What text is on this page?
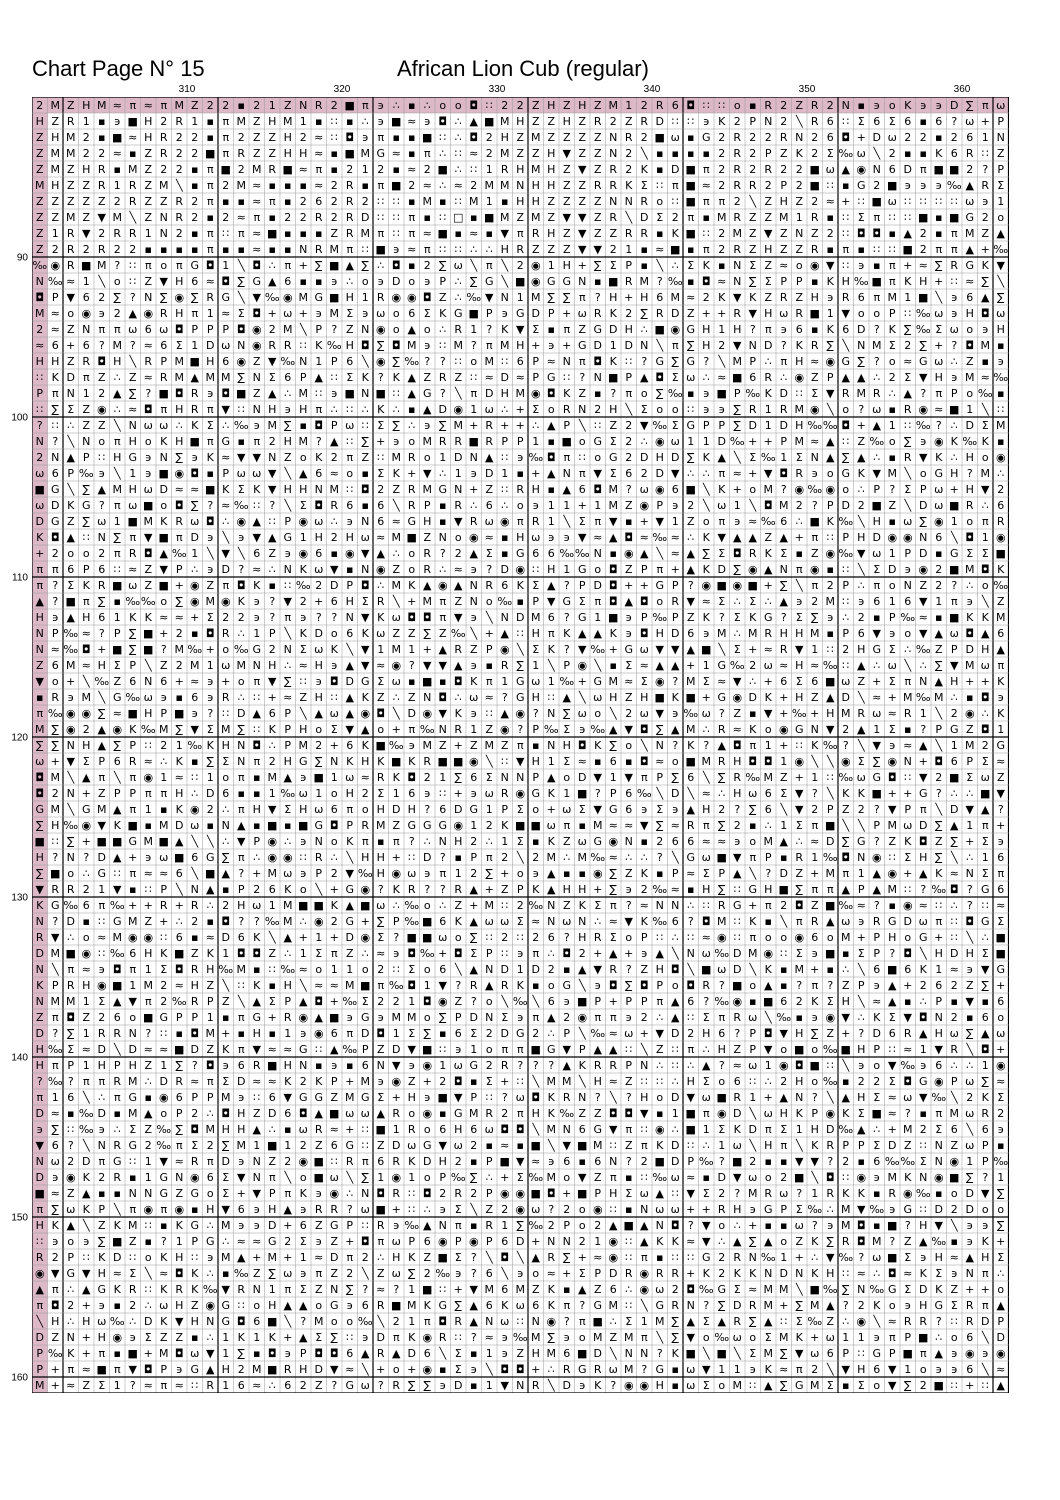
Chart Page N° 15	African Lion Cub (regular)
310	320	330	340	350	360
90
100
110
120
130
140
150
160
2 M Z H M ≈ π ≈ π M Z 2 2 ▪ 2 1 Z N R 2 ■ π ϶ ∴ ▪ ∴ o o ◘ ∷ 2 2 Z H Z H Z M 1 2 R 6 ◘ ∷ ∷ o ▪ R 2 Z R 2 N ▪ ϶ o K ϶ ϶ D ∑ π ω
H Z R 1 ▪ ϶ ■ H 2 R 1 ▪ π M Z H M 1 ▪ ∷ ▪ ∴ ϶ ■ ≈ ϶ ◘ ∴ ▲ ■ M H Z Z H Z R 2 Z R D ∷ ∷ ϶ K 2 P N 2 ╲ R 6 ∷ Σ 6 Σ 6 ▪ 6 ? ω + P
Z H M 2 ▪ ■ ≈ H R 2 2 ▪ π 2 Z Z H 2 ≈ ∷ ◘ ϶ π ▪ ▪ ■ ∷ ∴ ◘ 2 H Z M Z Z Z Z N R 2 ■ ω ▪ G 2 R 2 2 R N 2 6 ◘ + D ω 2 2 ▪ 2 6 1 N
Z M M 2 2 ≈ ▪ Z R 2 2 ■ π R Z Z H H ≈ ▪ ■ M G ≈ ▪ π ∴ ∷ ≈ 2 M Z Z H ▼ Z Z N 2 ╲ ▪ ▪ ▪ ▪ 2 R 2 P Z K 2 Σ ‰ ω ╲ 2 ▪ ▪ K 6 R ∷ Z
Z M Z H R ▪ M Z 2 2 ▪ π ■ 2 M R ■ ≈ π ▪ 2 1 2 ▪ ≈ 2 ■ ∴ ∷ 1 R H M H Z ▼ Z R 2 K ▪ D ■ π 2 R 2 R 2 2 ■ ω ▲ ◉ N 6 D π ■ ■ 2 ? P
M H Z Z R 1 R Z M ╲ ▪ π 2 M ≈ ▪ ▪ ▪ ≈ 2 R ▪ π ■ 2 ≈ ∴ ≈ 2 M M N H H Z Z R R K Σ ∷ π ■ ≈ 2 R R 2 P 2 ■ ∷ ▪ G 2 ■ ϶ ϶ ϶ ‰ ▲ R Σ
Z Z Z Z Z 2 R Z Z R 2 π ▪ ▪ ≈ π ▪ 2 6 2 R 2 ∷ ∷ ▪ M ▪ ∷ M 1 ▪ H H Z Z Z Z N N R o ∷ ■ π π 2 ╲ Z H Z 2 ≈ + ∷ ■ ω ∷ ∷ ∷ ∷ ω ϶ 1
Z Z M Z ▼ M ╲ Z N R 2 ▪ 2 ≈ π ▪ 2 2 R 2 R D ∷ ∷ π ▪ ∷ □ ▪ ■ M Z M Z ▼ ▼ Z R ╲ D Σ 2 π ▪ M R Z Z M 1 R ▪ ∷ Σ π ∷ ∷ ■ ▪ ■ G 2 o
Z 1 R ▼ 2 R R 1 N 2 ▪ π ∷ π ≈ ■ ▪ ▪ ▪ Z R M π ∷ π ≈ ■ ▪ ≈ ▪ ▼ π R H Z ▼ Z Z R R ▪ K ■ ∷ 2 M Z ▼ Z N Z 2 ∷ ◘ ◘ ▪ ▲ 2 ▪ π M Z ▲
Z 2 R 2 R 2 2 ▪ ▪ ▪ ▪ π ▪ ▪ ≈ ▪ ▪ N R M π ∷ ■ ϶ ≈ π ∷ ∷ ∴ ∴ H R Z Z Z ▼ ▼ 2 1 ▪ ≈ ■ ▪ π 2 R Z H Z Z R ▪ π ▪ ∷ ∷ ■ 2 π π ▲ + ‰
‰ ◉ R ■ M ? ∷ π o π G ◘ 1 ╲ ◘ ∴ π + ∑ ■ ▲ ∑ ∴ ◘ ▪ 2 ∑ ω ╲ π ╲ 2 ◉ 1 H + ∑ Σ P ▪ ╲ ∴ Σ K ▪ N Σ Z ≈ o ◉ ▼ ∷ ϶ ▪ π + ≈ ∑ R G K ▼
N ‰ ≈ 1 ╲ o ∷ Z ▼ H 6 ≈ ◘ ∑ G ▲ 6 ▪ ▪ ϶ ∴ o ϶ D o ϶ P ∴ ∑ G ╲ ■ ◉ G G N ▪ ■ R M ? ‰ ▪ ◘ ≈ N ∑ Σ P P ▪ K H ‰ ■ π K H + ∷ ≈ ∑ ╲
◘ P ▼ 6 2 ∑ ? N ∑ ◉ ∑ R G ╲ ▼ ‰ ◉ M G ■ H 1 R ◉ ◉ ◘ Z ∴ ‰ ▼ N 1 M ∑ ∑ π ? H + H 6 M ≈ 2 K ▼ K Z R Z H ϶ R 6 π M 1 ■ ╲ ϶ 6 ▲ ∑
M ≈ o ◉ ϶ 2 ▲ ◉ R H π 1 ≈ Σ ◘ + ω + ϶ M Σ ϶ ω o 6 Σ K G ■ P ϶ G D P + ω R K 2 ∑ R D Z + + R ▼ H ω R ■ 1 ▼ o o P ∷ ‰ ω ϶ H ◘ ω
2 ≈ Z N π π ω 6 ω ◘ P P P ◘ ◉ 2 M ╲ P ? Z N ◉ o ▲ o ∴ R 1 ? K ▼ Σ ▪ π Z G D H ∴ ■ ◉ G H 1 H ? π ϶ 6 ▪ K 6 D ? K ∑ ‰ Σ ω o ϶ H
≈ 6 + 6 ? M ? ≈ 6 Σ 1 D ω N ◉ R R ∷ K ‰ H ◘ ∑ ◘ M ϶ ∷ M ? π M H + ϶ + G D 1 D N ╲ π ∑ H 2 ▼ N D ? K R ∑ ╲ N M Σ 2 ∑ + ? ◘ M ▪
H H Z R ◘ H ╲ R P M ■ H 6 ◉ Z ▼ ‰ N 1 P 6 ╲ ◉ ∑ ‰ ? ? ∷ o M ∷ 6 P ≈ N π ◘ K ∷ ? G ∑ G ? ╲ M P ∴ π H ≈ ◉ G ∑ ? o ≈ G ω ∴ Z ▪ ϶
∷ K D π Z ∴ Z ≈ R M ▲ M M ∑ N Σ 6 P ▲ ∷ Σ K ? K ▲ Z R Z ∷ ≈ D ≈ P G ∷ ? N ■ P ▲ ◘ Σ ω ∴ ≈ ■ 6 R ∴ ◉ Z P ▲ ▲ ∴ 2 Σ ▼ H ϶ M ≈ ‰
P π N 1 2 ▲ ∑ ? ■ ◘ R ϶ ◘ ■ Z ▲ ∴ M ∷ ϶ ■ N ■ ∷ ▲ G ? ╲ π D H M ◉ ◘ K Z ▪ ? π o ∑ ‰ ▪ ϶ ■ P ‰ K D ∷ Σ ▼ R M R ∴ ▲ ? π P o ‰ ▪
∷ ∑ Σ Z ◉ ∴ ≈ ◘ π H R π ▼ ∷ N H ϶ H π ∴ ∷ ∴ K ∴ ▪ ▲ D ◉ 1 ω ∴ + Σ o R N 2 H ╲ Σ o o ∷ ϶ ϶ ∑ R 1 R M ◉ ╲ o ? ω ▪ R ◉ ≈ ■ 1 ╲ ∷
? ∷ ∴ Z Z ╲ N ω ω ∴ K Σ ∴ ‰ ϶ M ∑ ▪ ◘ P ω ∷ Σ ∑ ∴ ϶ ∑ M + R + + ∴ ▲ P ╲ ∷ Z 2 ▼ ‰ Σ G P P ∑ D 1 D H ‰ ‰ ◘ + ▲ 1 ∷ ‰ ? ∴ D Σ M
N ? ╲ N o π H o K H ■ π G ▪ π 2 H M ? ▲ ∷ ∑ + ϶ o M R R ■ R P P 1 ▪ ■ o G Σ 2 ∴ ◉ ω 1 1 D ‰ + + P M ≈ ▲ ∷ Z ‰ o ∑ ϶ ◉ K ‰ K ▪
2 N ▲ P ∷ H G ϶ N ∑ ϶ K ≈ ▼ ▼ N Z o K 2 π Z ∷ M R o 1 D N ▲ ∷ ϶ ‰ ◘ π ∷ o G 2 D H D ∑ K ▲ ╲ Σ ‰ 1 Σ N ▲ ∑ ▲ ∴ ▪ R ▼ K ∴ H o ◉
ω 6 P ‰ ϶ ╲ 1 ϶ ■ ◉ ◘ ▪ P ω ω ▼ ╲ ▲ 6 ≈ o ▪ Σ K + ▼ ∴ 1 ϶ D 1 ▪ + ▲ N π ▼ Σ 6 2 D ▼ ∴ ∴ π ≈ + ▼ ◘ R ϶ o G K ▼ M ╲ o G H ? M ∴
■ G ╲ ∑ ▲ M H ω D ≈ ≈ ■ K Σ K ▼ H H N M ∷ ◘ 2 Z R M G N + Z ∷ R H ▪ ▲ 6 ◘ M ? ω ◉ 6 ■ ╲ K + o M ? ◉ ‰ ◉ o ∴ P ? Σ P ω + H ▼ 2
ω D K G ? π ω ■ o ◘ ∑ ? ≈ ‰ ∷ ? ╲ Σ ◘ R 6 ▪ 6 ╲ R P ▪ R ∴ 6 ∴ o ϶ 1 1 + 1 M Z ◉ P ϶ 2 ╲ ω 1 ╲ ◘ M 2 ? P D 2 ■ Z ╲ D ω ■ R ∴ 6
D G Z ∑ ω 1 ■ M K R ω ◘ ∴ ◉ ▲ ∷ P ◉ ω ∴ ϶ N 6 ≈ G H ▪ ▼ R ω ◉ π R 1 ╲ Σ π ▼ ▪ + ▼ 1 Z o π ϶ ≈ ‰ 6 ∴ ■ K ‰ ╲ H ▪ ω ∑ ◉ 1 o π R
K ◘ ▲ ∷ N ∑ π ▼ ■ π D ϶ ╲ ϶ ▼ ▲ G 1 H 2 H ω ≈ M ■ Z N o ◉ ≈ ▪ H ω ϶ ϶ ▼ ≈ ▲ ◘ ≈ ‰ ≈ ∴ K ▼ ▲ ▲ Z ▲ + π ∷ P H D ◉ ◉ N 6 ╲ ◘ 1 ◉
+ 2 o o 2 π R ◘ ▲ ‰ 1 ╲ ▼ ╲ 6 Z ϶ ◉ 6 ▪ ◉ ▼ ▲ ∴ o R ? 2 ▲ Σ ▪ G 6 6 ‰ ‰ N ▪ ◉ ▲ ╲ ≈ ▲ ∑ Σ ◘ R K Σ ▪ Z ◉ ‰ ▼ ω 1 P D ▪ G Σ Σ ■
π π 6 P 6 ∷ ≈ Z ▼ P ∴ ϶ D ? ≈ ∴ N K ω ▼ ▪ N ◉ Z o R ∴ ≈ ϶ ? D ◉ ∷ H 1 G o ◘ Z P π + ▲ K D ∑ ◉ ▲ N π ◉ ▪ ∷ ╲ Σ D ϶ ◉ 2 ■ M ◘ K
π ? Σ K R ■ ω Z ■ + ◉ Z π ◘ K ▪ ∷ ‰ 2 D P ◘ ∴ M K ▲ ◉ ▲ N R 6 K Σ ▲ ? P D ◘ + + G P ? ◉ ■ ◉ ■ + ∑ ╲ π 2 P ∴ π o N Z 2 ? ∴ o ‰
▲ ? ■ π ∑ ▪ ‰ ‰ o ∑ ◉ M ◉ K ϶ ? ▼ 2 + 6 H Σ R ╲ + M π Z N o ‰ ▪ P ▼ G Σ π ◘ ▲ ◘ o R ▼ ≈ Σ ∴ Σ ∴ ▲ ϶ 2 M ∷ ϶ 6 1 6 ▼ 1 π ϶ ╲ Z
H ϶ ▲ H 6 1 K K ≈ ≈ + Σ 2 2 ϶ ? π ϶ ? ? N ▼ K ω ◘ ◘ π ▼ ϶ ╲ N D M 6 ? G 1 ■ ϶ P ‰ P Z K ? Σ K G ? Σ ∑ ϶ ∴ 2 ▪ P ‰ ≈ ▪ ■ K K M
N P ‰ ≈ ? P ∑ ■ + 2 ▪ ◘ R ∴ 1 P ╲ K D o 6 K ω Z Z ∑ Z ‰ ╲ + ▲ ∷ H π K ▲ ▲ K ϶ ◘ H D 6 ϶ M ∴ M R H H M ▪ P 6 ▼ ϶ o ▼ ▲ ω ◘ ▲ 6
N ≈ ‰ ◘ + ■ ∑ ■ ? M ‰ + o ‰ G 2 N Σ ω K ╲ ▼ 1 M 1 + ▲ R Z P ◉ ╲ Σ K ? ▼ ‰ + G ω ▼ ▼ ▲ ■ ╲ Σ + ≈ R ▼ 1 ∷ 2 H G Σ ∴ ‰ Z P D H ▲
Z 6 M ≈ H Σ P ╲ Z 2 M 1 ω M N H ∴ ≈ H ϶ ▲ ▼ ≈ ◉ ? ▼ ▼ ▲ ϶ ▪ R ∑ 1 ╲ P ◉ ╲ ▪ Σ ≈ ▲ ▲ + 1 G ‰ 2 ω ≈ H ≈ ‰ ∷ ▲ ∴ ω ╲ ∴ ∑ ▼ M ω π
▼ o + ╲ ‰ Z 6 N 6 + ≈ ϶ + o π ▼ ∑ ∷ ϶ ◘ D G Σ ω ▪ ■ ▪ ◘ K π 1 G ω 1 ‰ + G M ≈ Σ ◉ ? M Σ ≈ ▼ ∴ + 6 Σ 6 ■ ω Z + Σ π N ▲ H + + K
▪ R ϶ M ╲ G ‰ ω ϶ ▪ 6 ϶ R ∴ ∷ + ≈ Z H ∷ ▲ K Z ∴ Z N ◘ ∴ ω ≈ ? G H ∷ ▲ ╲ ω H Z H ■ K ■ + G ◉ D K + H Z ▲ D ╲ ≈ + M ‰ M ∴ ▪ ◘ ϶
π ‰ ◉ ◉ ∑ ≈ ■ H P ■ ϶ ? ∷ D ▲ 6 P ╲ ▲ ω ▲ ◉ ◘ ╲ D ◉ ▼ K ϶ ∷ ▲ ◉ ? N ∑ ω o ╲ 2 ω ▼ ϶ ‰ ω ? Z ▪ ▼ + ‰ + H M R ω ≈ R 1 ╲ 2 ◉ ∴ K
M ∑ ◉ 2 ▲ ◉ K ‰ M ∑ ▼ Σ M ∑ ∷ K P H o Σ ▼ ▲ o + π ‰ N R 1 Z ◉ ? P ‰ Σ ϶ ‰ ▲ ▼ ◘ ∑ ▲ M ∴ R ≈ K o ◉ G N ▼ 2 ▲ 1 Σ ▪ ? P G Z ◘ 1
∑ ∑ N H ▲ ∑ P ∷ 2 1 ‰ K H N ◘ ∴ P M 2 + 6 K ■ ‰ ϶ M Z + Z M Z π ▪ N H ◘ K ∑ o ╲ N ? K ? ▲ ◘ π 1 + ∷ K ‰ ? ╲ ▼ ϶ ≈ ▲ ╲ 1 M 2 G
ω + ▼ Σ P 6 R ≈ ∴ K ▪ ∑ Σ N π 2 H G ∑ N K H K ■ K R ■ ■ ◉ ╲ ∷ ▼ H 1 Σ ≈ ▪ 6 ▪ ◘ ≈ o ■ M R H ◘ ◘ 1 ◉ ╲ ╲ ◉ Σ ∑ ◉ N + ◘ 6 P Σ ≈
◘ M ╲ ▲ π ╲ π ◉ 1 ≈ ∷ 1 o π ▪ M ▲ ϶ ■ 1 ω ≈ R K ◘ 2 1 ∑ 6 Σ N N P ▲ o D ▼ 1 ▼ π P ∑ 6 ╲ ∑ R ‰ M Z + 1 ∷ ‰ ω G ◘ ∷ ▼ 2 ■ Σ ω Z
◘ 2 N + Z P P π π H ∴ D 6 ▪ ▪ 1 ‰ ω 1 o H 2 Σ 1 6 ϶ ∷ + ϶ ω R ◉ G K 1 ■ ? P 6 ‰ ╲ D ╲ ≈ ∴ H ω 6 Σ ▼ ? ╲ K K ■ + + G ? ∴ ∴ ■ ▼
G M ╲ G M ▲ π 1 ▪ K ◉ 2 ∴ π H ▼ Σ H ω 6 π o H D H ? 6 D G 1 P Σ o + ω Σ ▼ G 6 ϶ Σ ϶ ▲ H 2 ? ∑ 6 ╲ ▼ 2 P Z 2 ? ▼ P π ╲ D ▼ ▲ ?
∑ H ‰ ◉ ▼ K ■ ▪ M D ω ▪ N ▲ ▪ ■ ▪ ■ G ◘ P R M Z G G G ◉ 1 2 K ■ ■ ω π ▪ M ≈ ≈ ▼ ∑ ≈ R π ∑ 2 ▪ ∴ 1 Σ π ■ ╲ ╲ P M ω D ∑ ▲ 1 π +
■ ∷ ∑ + ■ ■ G M ■ ▲ ╲ ╲ ∴ ▼ P ◉ ∴ ϶ N o K π ▪ π ? ∴ N H 2 ∴ 1 Σ ▪ K Z ω G ◉ N ▪ 2 6 6 ≈ ≈ ϶ o M ▲ ∴ ≈ D ∑ G ? Z K ◘ Z ∑ + Σ ϶
H ? N ? D ▲ + ϶ ω ■ 6 G ∑ π ∴ ◉ ◉ ∷ R ∴ ╲ H H + ∷ D ? ▪ P π 2 ╲ 2 M ∴ M ‰ ≈ ∴ ∴ ? ╲ G ω ■ ▼ π P ▪ R 1 ‰ ◘ N ◉ ∷ Σ H ∑ ╲ ∴ 1 6
∑ ■ o ∴ G ∷ π ≈ ≈ 6 ╲ ■ ▲ ? + M ω ϶ P 2 ▼ ‰ H ◉ ω ϶ π 1 2 ∑ + o ϶ ▲ ▪ ▪ ◉ ∑ Z K ▪ P ≈ Σ P ▲ ╲ ? D Z + M π 1 ▲ ◉ + ▲ K ≈ N Σ π
▼ R R 2 1 ▼ ▪ ∷ P ╲ N ▲ ▪ P 2 6 K o ╲ + G ◉ ? K R ? ? R ▲ + Z P K ▲ H H + ∑ ϶ 2 ‰ ≈ ▪ H ∑ ∷ G H ■ ∑ π π ▲ P ▲ M ∷ ? ‰ ◘ ? G 6
K G ‰ 6 π ‰ + + R + R ∴ 2 H ω 1 M ■ ■ K ▲ ■ ω ∴ ‰ o ∴ Z + M ∷ 2 ‰ N Z K Σ π ? ≈ N N ∴ ∷ R G + π 2 ◘ Z ■ ‰ ≈ ? ▪ ◉ ≈ ∷ ∴ ? ∷ ≈
N ? D ▪ ∷ G M Z + ∴ 2 ▪ ◘ ? ? ‰ M ∴ ◉ 2 G + ∑ P ‰ ■ 6 K ▲ ω ω Σ ≈ N ω N ∴ ≈ ▼ K ‰ 6 ? ◘ M ∷ K ▪ ╲ π R ▲ ω ϶ R G D ω π ∷ ◘ G Σ
R ▼ ∴ o ≈ M ◉ ◉ ∷ 6 ▪ ≈ D 6 K ╲ ▲ + 1 + D ◉ Σ ? ■ ■ ω o ∑ ∷ 2 ∷ 2 6 ? H R Σ o P ∷ ∴ ∷ ≈ ◉ ∷ π o o ◉ 6 o M + P H o G + ∷ ╲ ∴ ■
D M ■ ◉ ∷ ‰ 6 H K ■ Z K 1 ◘ ◘ Z ∴ 1 Σ π Z ∴ ≈ ϶ ◘ ‰ + ◘ Σ P ∷ ϶ π ∴ ◘ 2 + ▲ + ϶ ▲ ╲ N ω ‰ D M ◉ ∷ Σ ϶ ■ ▪ Σ P ? ◘ ╲ H D H Σ ■
N ╲ π ≈ ϶ ◘ π 1 Σ ◘ R H ‰ M ▪ ∷ ‰ ≈ o 1 1 o 2 ∷ Σ o 6 ╲ ▲ N D 1 D 2 ▪ ▲ ▼ R ? Z H ◘ ╲ ■ ω D ╲ K ▪ M + ▪ ∴ ╲ 6 ■ 6 K 1 ≈ ϶ ▼ G
K P R H ◉ ■ 1 M 2 ≈ H Z ╲ ∷ K ▪ H ╲ ≈ ≈ M ■ π ‰ ◘ 1 ▼ ? R ▲ R K ▪ o G ╲ ϶ ◘ ∑ ◘ P o ◘ R ? ■ o ▲ ▪ ? π ? Z P ϶ ▲ + 2 6 2 Z ∑ +
N M M 1 Σ ▲ ▼ π 2 ‰ R P Z ╲ ▲ Σ P ▲ ◘ + ‰ Σ 2 2 1 ◘ ◉ Z ? o ╲ ‰ ╲ 6 ϶ ■ P + P P π ▲ 6 ? ‰ ◉ ▪ ■ 6 2 K Σ H ╲ ≈ ▲ ▪ ∴ P ▪ ▼ ▪ 6
Z π ◘ Z 2 6 o ■ G P P 1 ▪ π G + R ◉ ▲ ■ ϶ G ϶ M M o ∑ P D N Σ ϶ π ▲ 2 ◉ π π ϶ 2 ∴ ▲ ∷ Σ π R ω ╲ ‰ ▪ ϶ ◉ ▼ ∴ K Σ ▼ ◘ N 2 ▪ 6 o
D ? ∑ 1 R R N ? ∷ ▪ ◘ M + ▪ H ▪ 1 ϶ ◉ 6 π D ◘ 1 Σ ∑ ▪ 6 Σ 2 D G 2 ∴ P ╲ ‰ ≈ ω + ▼ D 2 H 6 ? P ◘ ▼ H ∑ Z + ? D 6 R ▲ H ω ∑ ▲ ω
H ‰ Σ ≈ D ╲ D ≈ ≈ ■ D Z K π ▼ ≈ ≈ G ∷ ▲ ‰ P Z D ▼ ■ ∷ ϶ 1 o π π ■ G ▼ P ▲ ▲ ∷ ╲ Z ∷ π ∴ H Z P ▼ o ■ o ‰ ■ H P ∷ ≈ 1 ▼ R ╲ ◘ +
H π P 1 H P H Z 1 ∑ ? ◘ ϶ 6 R ■ H N ▪ ϶ ▪ 6 N ▼ ϶ ◉ 1 ω G 2 R ? ? ? ▲ K R R P N ∴ ∷ ∴ ▲ ? ≈ ω 1 ◉ ◘ ■ ∷ ╲ ϶ o ▼ ‰ ϶ 6 ∴ ∴ 1 ◉
? ‰ ? π π R M ∴ D R ≈ π Σ D ≈ ≈ K 2 K P + M ϶ ◉ Z + 2 ◘ ▪ Σ + ∷ ╲ M M ╲ H ≈ Z ∷ ∷ ∴ H Σ o 6 ∷ ∴ 2 H o ‰ ▪ 2 2 Σ ◘ G ◉ P ω ∑ ≈
π 1 6 ╲ ∴ π G ▪ ◉ 6 P P M ϶ ∷ 6 ▼ G G Z M G Σ + H ϶ ■ ▼ P ∷ ? ω ◘ K R N ? ╲ ? H o D ▼ ω ■ R 1 + ▲ N ? ╲ ▲ H Σ ≈ ω ▼ ‰ ╲ 2 K Σ
D ≈ ▪ ‰ D ▪ M ▲ o P 2 ∴ ◘ H Z D 6 ◘ ▲ ■ ω ω ▲ R o ◉ ▪ G M R 2 π H K ‰ Z Z ◘ ◘ ▼ ▪ 1 ■ π ◉ D ╲ ω H K P ◉ K Σ ■ ≈ ? ▪ π M ω R 2
϶ ∑ ∷ ‰ ϶ ∴ Σ Z ‰ ∑ ◘ M H H ▲ ∴ ▪ ω R ≈ + ∷ ■ 1 R o 6 H 6 ω ◘ ◘ ╲ M N 6 G ▼ π ∷ ◉ ∴ ■ 1 Σ K D π Σ 1 H D ‰ ▲ ∴ + M 2 Σ 6 ╲ 6 ϶
▼ 6 ? ╲ N R G 2 ‰ π Σ 2 ∑ M 1 ■ 1 2 Z 6 G ∷ Z D ω G ▼ ω 2 ▪ ≈ ▪ ■ ╲ ▼ ■ M ∷ Z π K D ∷ ∴ 1 ω ╲ H π ╲ K R P P Σ D Z ∷ N Z ω P ▪
N ω 2 D π G ∷ 1 ▼ ≈ R π D ϶ N Z 2 ◉ ■ ∷ R π 6 R K D H 2 ▪ P ■ ▼ ≈ ϶ 6 ▪ 6 N ? 2 ■ D P ‰ ? ■ 2 ▪ ▪ ▼ ▼ ? 2 ▪ 6 ‰ ‰ Σ N ◉ 1 P ‰
D ϶ ◉ K 2 R ▪ 1 G N ◉ 6 Σ ▼ N π ╲ o ■ ω ╲ ∑ 1 ◉ 1 o P ‰ ∑ ∴ + Σ ‰ M o ▼ Z π ▪ ∷ ‰ ω ≈ ▪ D ▼ ω o 2 ■ ╲ ◘ ∷ ◉ ϶ M K N ◉ ■ ∑ ? 1
■ ≈ Z ▲ ▪ ▪ N N G Z G o Σ + ▼ P π K ϶ ◉ ∴ N ◘ R ∷ ◘ 2 R 2 P ◉ ◉ ■ ◘ + ■ P H Σ ω ▲ ∷ ▼ Σ 2 ? M R ω ? 1 R K K ▪ R ◉ ‰ ▪ o D ▼ ∑
π ∑ ω K P ╲ π ◉ π ◉ ▪ H ▼ 6 ϶ H ▲ ϶ R R ? ω ■ + ∷ ∴ ϶ Σ ╲ Z 2 ◉ ω ? 2 o ◉ ∷ ▪ N ω ω + + R H ϶ G P Σ ‰ ∴ M ▼ ‰ ϶ G ∷ D 2 D o o
H K ▲ ╲ Z K M ∷ ▪ K G ∴ M ϶ ϶ D + 6 Z G P ∷ R ϶ ‰ ▲ N π ▪ R 1 ∑ ‰ 2 P o 2 ▲ ■ ▲ N ◘ ? ▼ o ∴ + ▪ ▪ ω ? ϶ M ◘ ▪ ■ ? H ▼ ╲ ϶ ϶ ∑
∷ ϶ o ϶ ∑ ■ Z ▪ ? 1 P G ∴ ≈ ≈ G 2 Σ ϶ Z + ◘ π ω P 6 ◉ P ◉ P 6 D + N N 2 1 ◉ ∷ ▲ K K ≈ ▼ ∴ ▲ ∑ ▲ o Z K ∑ R ◘ M ? Z ▲ ‰ ▪ ϶ K +
R 2 P ∷ K D ∷ o K H ∷ ϶ M ▲ + M + 1 ≈ D π 2 ∴ H K Z ■ Σ ? ╲ ◘ ╲ ▲ R ∑ + ≈ ◉ ∷ π ▪ ∷ ∷ G 2 R N ‰ 1 + ∴ ▼ ‰ ? ω ■ Σ ϶ H ≈ ▲ H Σ
◉ ▼ G ▼ H ≈ Σ ╲ ≈ ◘ K ∴ ▪ ‰ Z ∑ ω ϶ π Z 2 ╲ Z ω ∑ 2 ‰ ϶ ? 6 ╲ ϶ o ≈ + Σ P D R ◉ R R + K 2 K K N D N K H ∷ ≈ ∴ ◘ ≈ K Σ ϶ N π ∴
▲ π ∴ ▲ G K R ∷ K R K ‰ ▼ R N 1 π Σ Z N ∑ ? ≈ ? 1 ■ ∷ + ▼ M 6 M Z K ▪ ▲ Z 6 ∴ ◉ ω 2 ◘ ‰ G Σ ≈ M M ╲ ■ ‰ ∑ N ‰ G Σ D K Z + + o
π ◘ 2 + ϶ ▪ 2 ∴ ω H Z ◉ G ∷ o H ▲ ▲ o G ϶ 6 R ■ M K G ∑ ▲ 6 K ω 6 K π ? G M ∷ ╲ G R N ? ∑ D R M + ∑ M ▲ ? 2 K o ϶ H G Σ R π ▲
╲ H ∴ H ω ‰ ∴ D K ▼ H N G ◘ 6 ■ ╲ ? M o o ‰ ╲ 2 1 π ◘ R ▲ N ω ∷ N ◉ ? π ■ ∴ Σ 1 M ∑ ▲ Σ ▲ R ∑ ▲ ∷ Σ ‰ Z ∴ ◉ ╲ ≈ R R ? ∷ R D P
D Z N + H ◉ ϶ Σ Z Z ▪ ∴ 1 K 1 K + ▲ Σ ∑ ∷ ϶ D π K ◉ R ∷ ? ≈ ϶ ‰ M ∑ ϶ o M Z M π ╲ ∑ ▼ o ‰ ω o Σ M K + ω 1 1 ϶ π P ■ ∴ o 6 ╲ D
P ‰ K + π ▪ ■ + M ◘ ω ▼ 1 ∑ ▪ ◘ ϶ P ◘ ◘ 6 ▲ R ▲ D 6 ╲ Σ ▪ 1 ϶ Z H M 6 ■ D ╲ N N ? K ■ ╲ ■ ╲ Σ M ∑ ▼ ω 6 P ∷ G P ■ π ▲ ϶ ◉ ϶ ◉
P + π ≈ ■ π ▼ ◘ P ϶ G ▲ H 2 M ■ R H D ▼ ≈ ╲ + o + ◉ ▪ Σ ϶ ╲ ◘ ◘ + ∴ R G R ω M ? G ▪ ω ▼ 1 1 ϶ K ≈ π 2 ╲ ▼ H 6 ▼ 1 o ϶ ϶ 6 ╲ ≈
M + ≈ Z Σ 1 ? ≈ π ≈ ∷ R 1 6 ≈ ∴ 6 2 Z ? G ω ? R ∑ ∑ ϶ D ▪ 1 ▼ N R ╲ D ϶ K ? ◉ ◉ H ▪ ω Σ o M ∷ ▲ ∑ G M Σ ▪ Σ o ▼ ∑ 2 ■ ∷ + ∷ ▲
